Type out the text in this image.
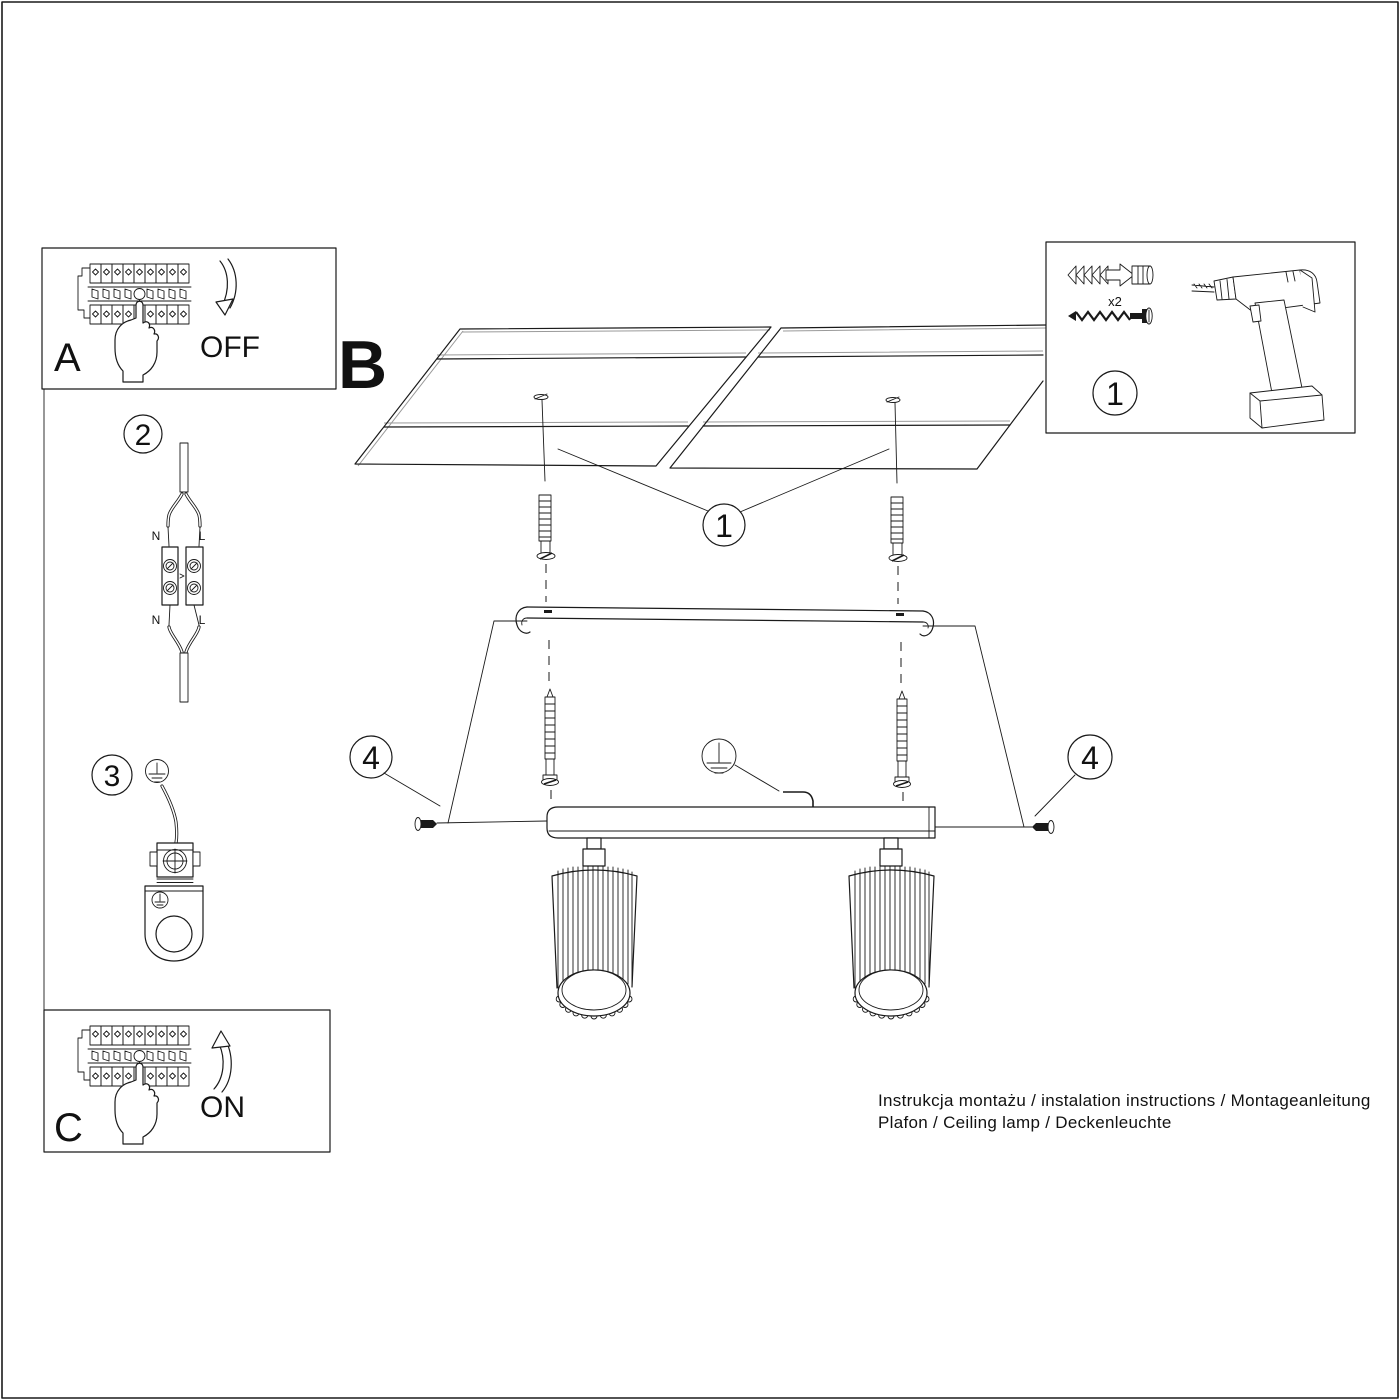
A	OFF
2
N	L
N	L
3
C	ON
B
1
4	4
x2
1
Instrukcja montażu / instalation instructions / Montageanleitung
Plafon / Ceiling lamp / Deckenleuchte
